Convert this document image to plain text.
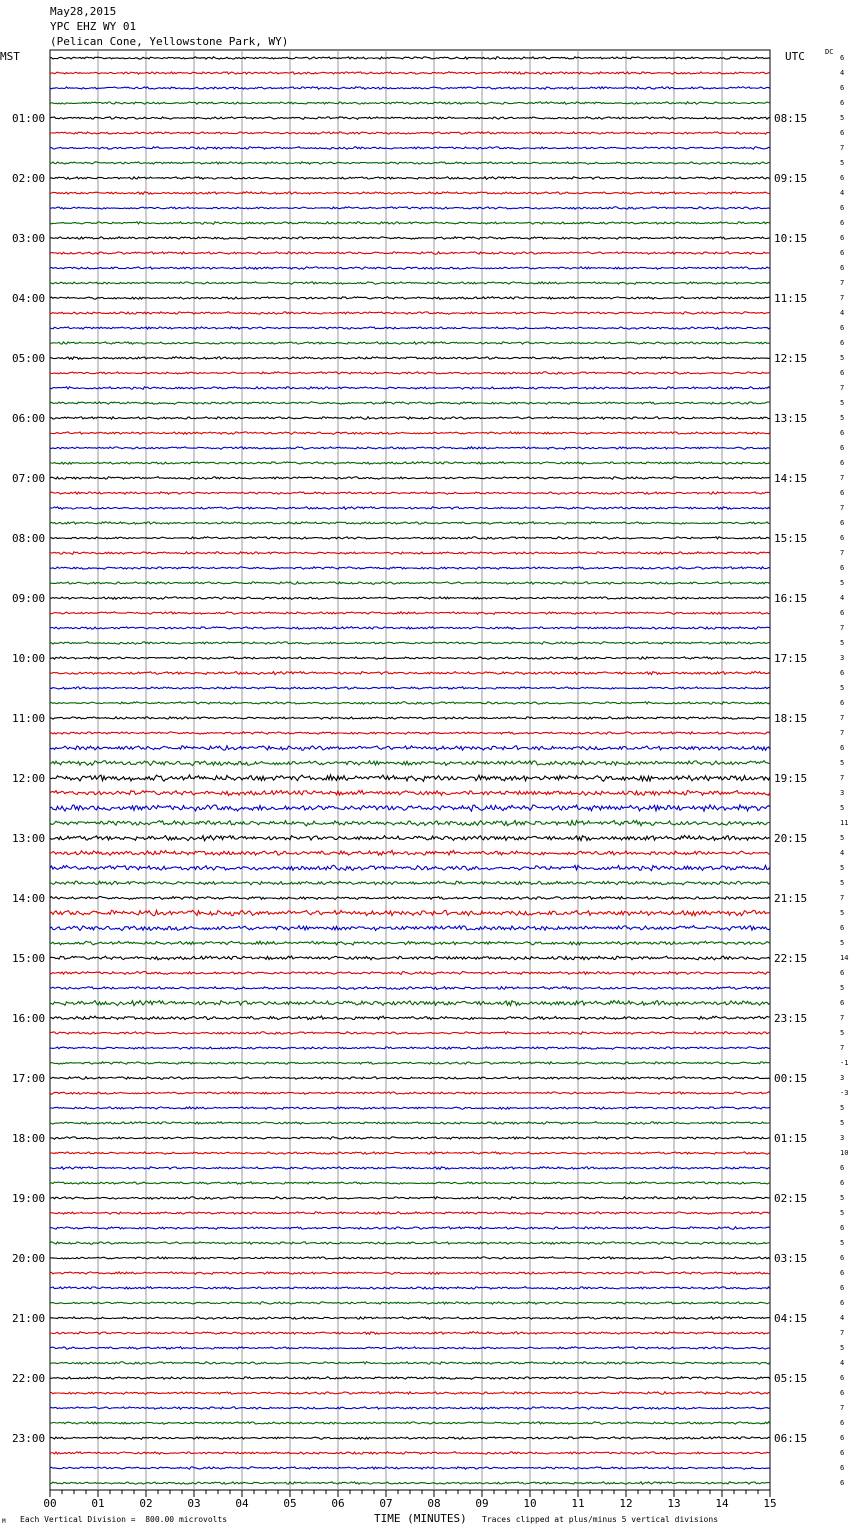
May28,2015
YPC EHZ WY 01
(Pelican Cone, Yellowstone Park, WY)
MST	UTC	DC
6
4
6
6
5
6
7
5
6
4
6
6
6
6
6
7
7
4
6
6
5
6
7
5
5
6
6
6
7
6
7
6
6
7
6
5
4
6
7
5
3
6
5
6
7
7
6
5
7
3
5
11
5
4
5
5
7
5
6
5
14
6
5
6
7
5
7
-1
3
-3
5
5
3
10
6
6
5
5
6
5
6
6
6
6
4
7
5
4
6
6
7
6
6
6
6
6
01:00
02:00
03:00
04:00
05:00
06:00
07:00
08:00
09:00
10:00
11:00
12:00
13:00
14:00
15:00
16:00
17:00
18:00
19:00
20:00
21:00
22:00
23:00
08:15
09:15
10:15
11:15
12:15
13:15
14:15
15:15
16:15
17:15
18:15
19:15
20:15
21:15
22:15
23:15
00:15
01:15
02:15
03:15
04:15
05:15
06:15
00	01	02	03	04	05	06	07	08	09	10	11	12	13	14	15
M Each Vertical Division =  800.00 microvolts	Traces clipped at plus/minus 5 vertical divisions
TIME (MINUTES)
